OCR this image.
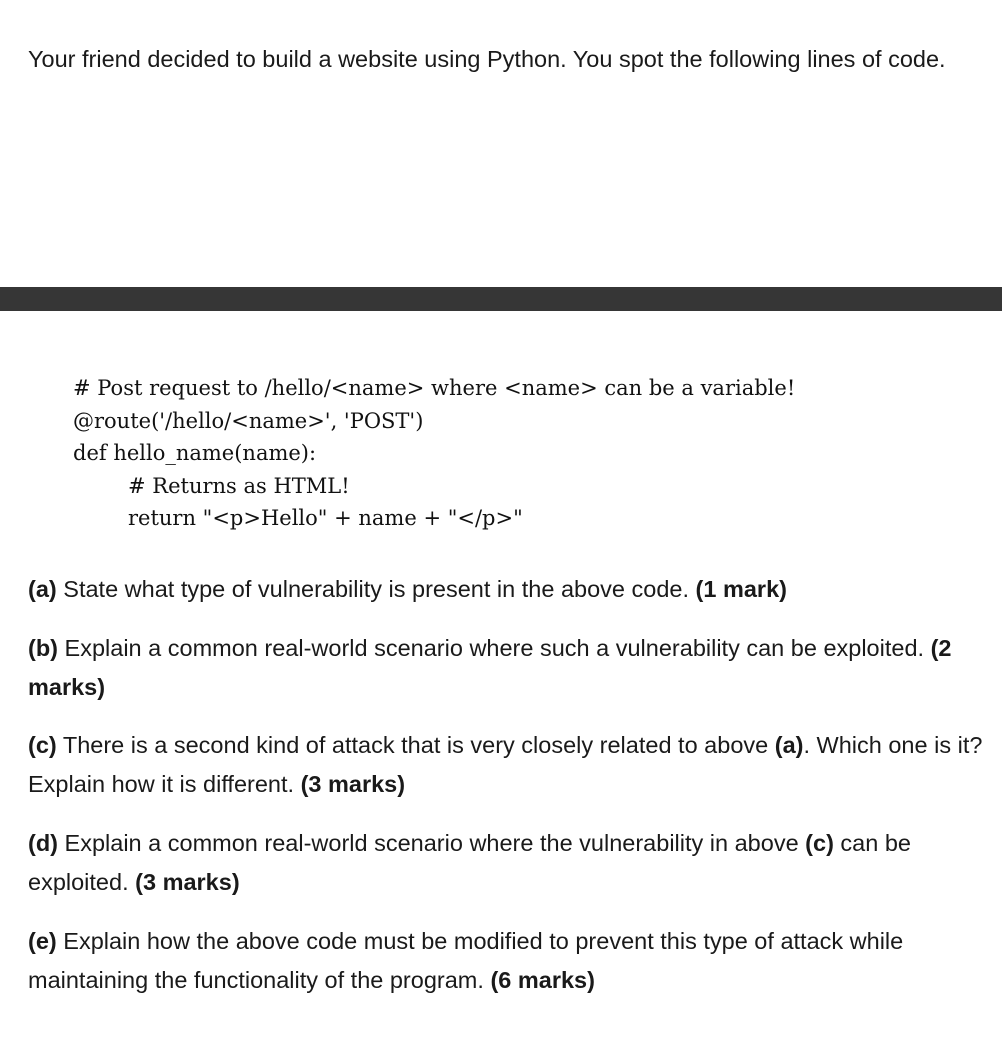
Your friend decided to build a website using Python. You spot the following lines of code.

# Post request to /hello/<name> where <name> can be a variable!
@route('/hello/<name>', 'POST')
def hello_name(name):
# Returns as HTML!
return "<p>Hello" + name + "</p>"

(a) State what type of vulnerability is present in the above code. (1 mark)

(b) Explain a common real-world scenario where such a vulnerability can be exploited. (2 marks)

(c) There is a second kind of attack that is very closely related to above (a). Which one is it? Explain how it is different. (3 marks)

(d) Explain a common real-world scenario where the vulnerability in above (c) can be exploited. (3 marks)

(e) Explain how the above code must be modified to prevent this type of attack while maintaining the functionality of the program. (6 marks)
